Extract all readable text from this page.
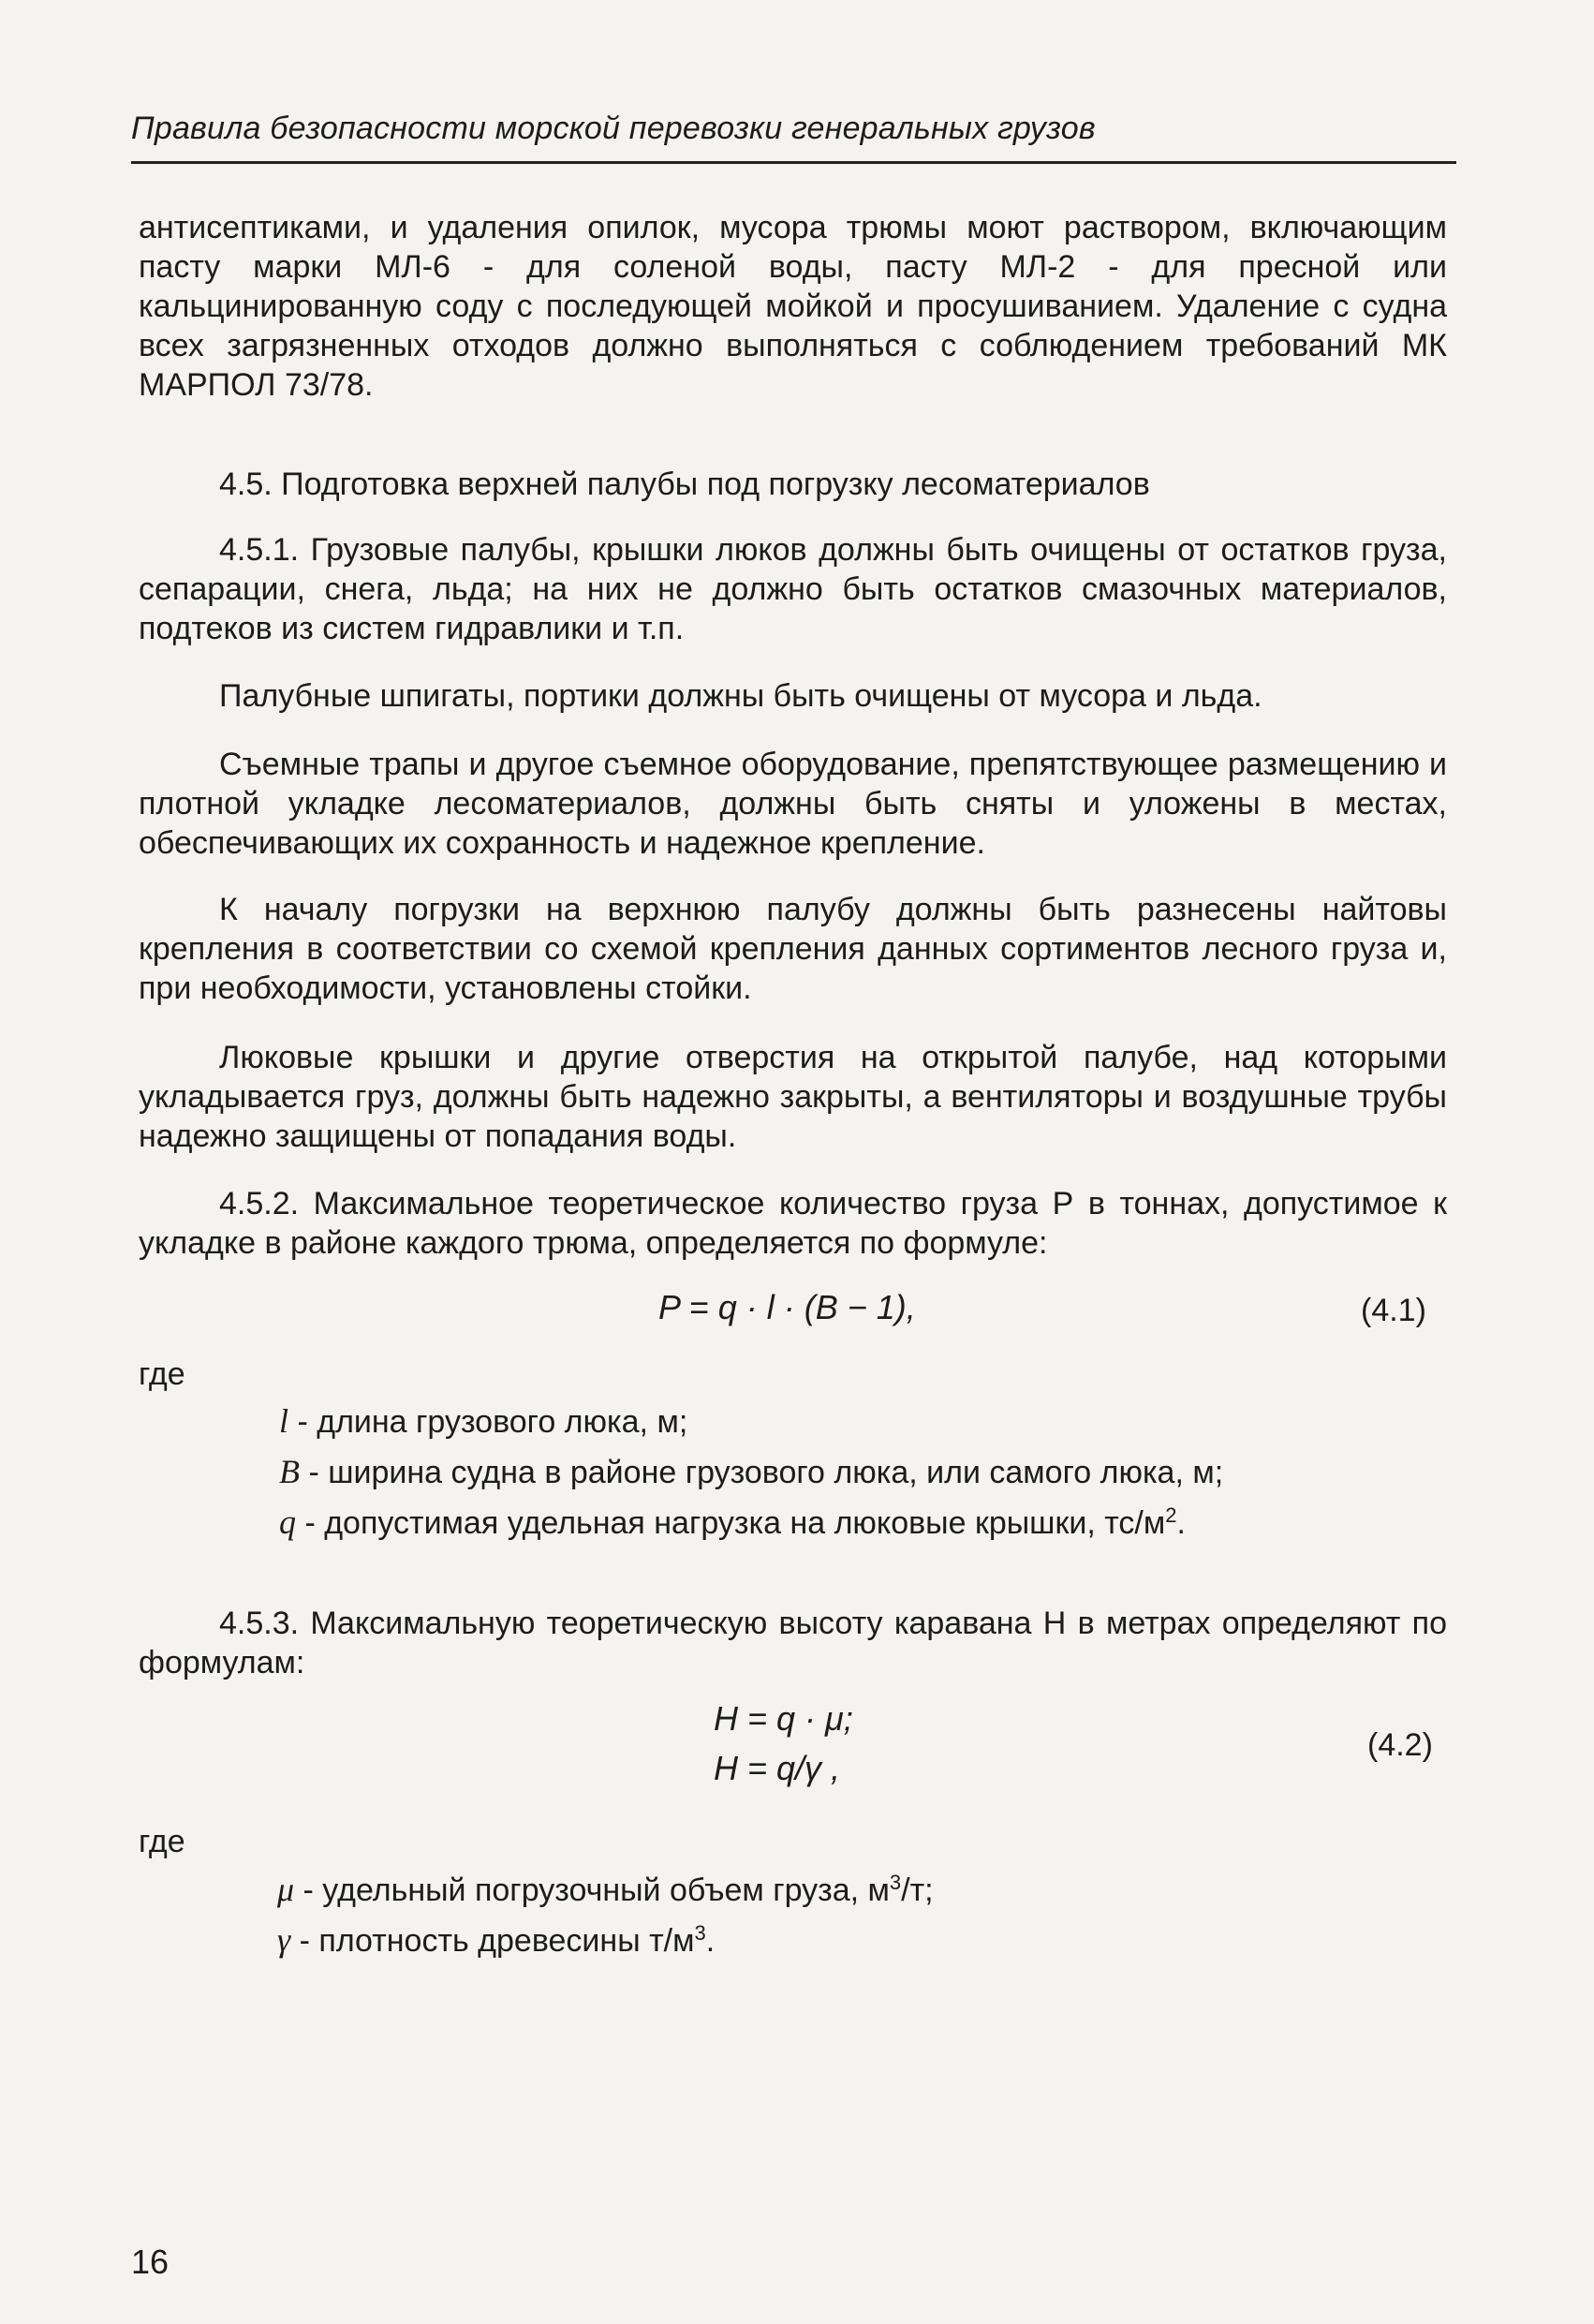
Правила безопасности морской перевозки генеральных грузов
антисептиками, и удаления опилок, мусора трюмы моют раствором, включающим пасту марки МЛ-6 - для соленой воды, пасту МЛ-2 - для пресной или кальцинированную соду с последующей мойкой и просушиванием. Удаление с судна всех загрязненных отходов должно выполняться с соблюдением требований МК МАРПОЛ 73/78.
4.5. Подготовка верхней палубы под погрузку лесоматериалов
4.5.1. Грузовые палубы, крышки люков должны быть очищены от остатков груза, сепарации, снега, льда; на них не должно быть остатков смазочных материалов, подтеков из систем гидравлики и т.п.
Палубные шпигаты, портики должны быть очищены от мусора и льда.
Съемные трапы и другое съемное оборудование, препятствующее размещению и плотной укладке лесоматериалов, должны быть сняты и уложены в местах, обеспечивающих их сохранность и надежное крепление.
К началу погрузки на верхнюю палубу должны быть разнесены найтовы крепления в соответствии со схемой крепления данных сортиментов лесного груза и, при необходимости, установлены стойки.
Люковые крышки и другие отверстия на открытой палубе, над которыми укладывается груз, должны быть надежно закрыты, а вентиляторы и воздушные трубы надежно защищены от попадания воды.
4.5.2. Максимальное теоретическое количество груза Р в тоннах, допустимое к укладке в районе каждого трюма, определяется по формуле:
P = q · l · (B − 1),	(4.1)
где
l - длина грузового люка, м;
B - ширина судна в районе грузового люка, или самого люка, м;
q - допустимая удельная нагрузка на люковые крышки, $тс/м^2$.
4.5.3. Максимальную теоретическую высоту каравана Н в метрах определяют по формулам:
H = q · μ;
H = q/γ ,
(4.2)
где
μ - удельный погрузочный объем груза, $м^3/т$;
γ - плотность древесины $т/м^3$.
16
